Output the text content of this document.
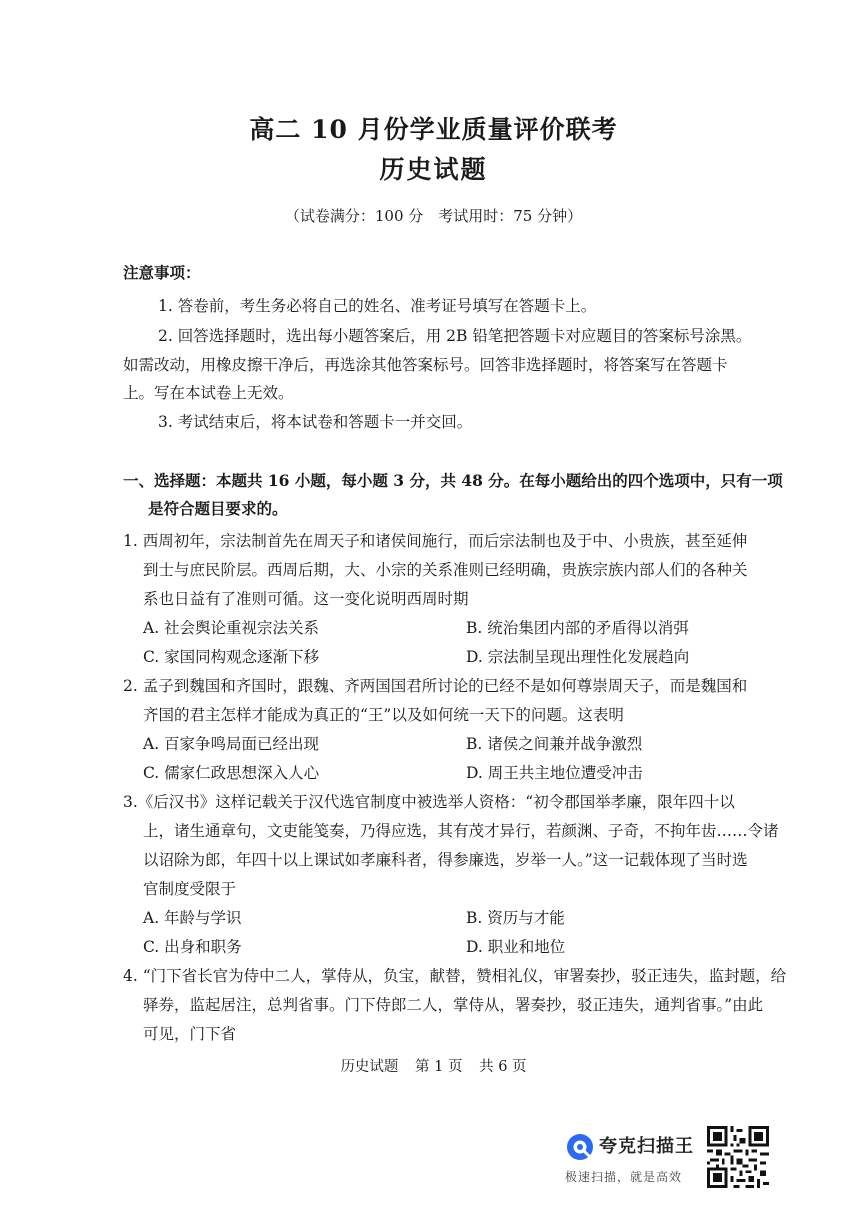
高二 10 月份学业质量评价联考
历史试题
（试卷满分：100 分　考试用时：75 分钟）
注意事项：
1. 答卷前，考生务必将自己的姓名、准考证号填写在答题卡上。
2. 回答选择题时，选出每小题答案后，用 2B 铅笔把答题卡对应题目的答案标号涂黑。
如需改动，用橡皮擦干净后，再选涂其他答案标号。回答非选择题时，将答案写在答题卡
上。写在本试卷上无效。
3. 考试结束后，将本试卷和答题卡一并交回。
一、选择题：本题共 16 小题，每小题 3 分，共 48 分。在每小题给出的四个选项中，只有一项
是符合题目要求的。
1. 西周初年，宗法制首先在周天子和诸侯间施行，而后宗法制也及于中、小贵族，甚至延伸
到士与庶民阶层。西周后期，大、小宗的关系准则已经明确，贵族宗族内部人们的各种关
系也日益有了准则可循。这一变化说明西周时期
A. 社会舆论重视宗法关系	B. 统治集团内部的矛盾得以消弭
C. 家国同构观念逐渐下移	D. 宗法制呈现出理性化发展趋向
2. 孟子到魏国和齐国时，跟魏、齐两国国君所讨论的已经不是如何尊崇周天子，而是魏国和
齐国的君主怎样才能成为真正的“王”以及如何统一天下的问题。这表明
A. 百家争鸣局面已经出现	B. 诸侯之间兼并战争激烈
C. 儒家仁政思想深入人心	D. 周王共主地位遭受冲击
3.《后汉书》这样记载关于汉代选官制度中被选举人资格：“初令郡国举孝廉，限年四十以
上，诸生通章句，文吏能笺奏，乃得应选，其有茂才异行，若颜渊、子奇，不拘年齿……令诸
以诏除为郎，年四十以上课试如孝廉科者，得参廉选，岁举一人。”这一记载体现了当时选
官制度受限于
A. 年龄与学识	B. 资历与才能
C. 出身和职务	D. 职业和地位
4. “门下省长官为侍中二人，掌侍从，负宝，献替，赞相礼仪，审署奏抄，驳正违失，监封题，给
驿券，监起居注，总判省事。门下侍郎二人，掌侍从，署奏抄，驳正违失，通判省事。”由此
可见，门下省
历史试题 第 1 页 共 6 页
夸克扫描王
极速扫描，就是高效
